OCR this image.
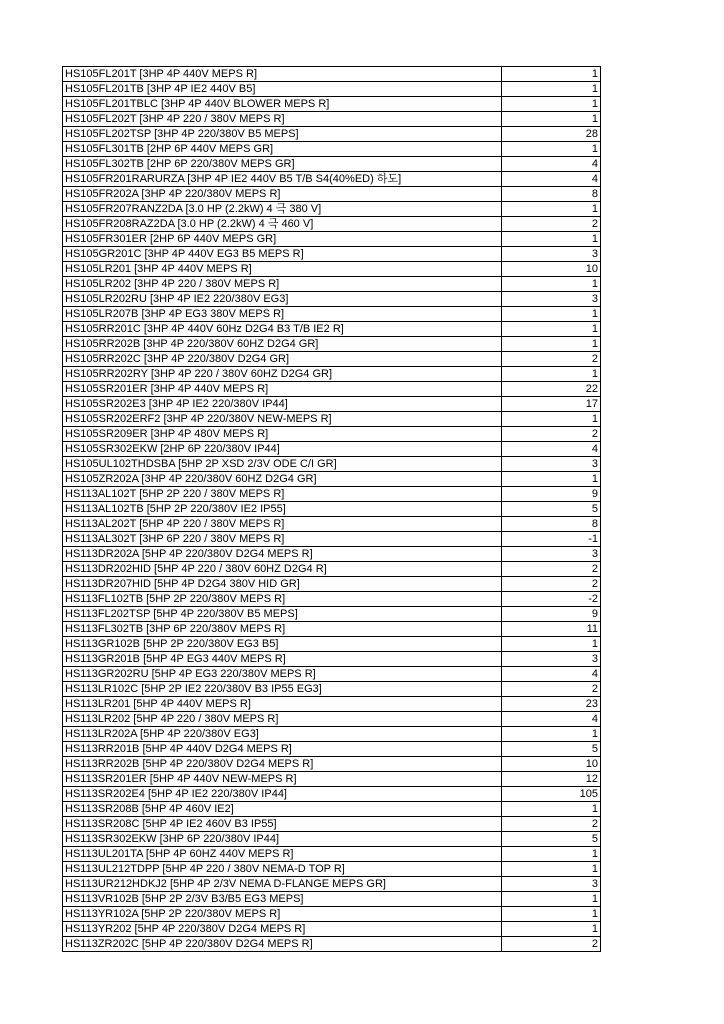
HS105FL201T [3HP 4P 440V MEPS R]	1
HS105FL201TB [3HP 4P IE2 440V B5]	1
HS105FL201TBLC [3HP 4P 440V BLOWER MEPS R]	1
HS105FL202T [3HP 4P 220 / 380V MEPS R]	1
HS105FL202TSP [3HP 4P 220/380V B5 MEPS]	28
HS105FL301TB [2HP 6P 440V MEPS GR]	1
HS105FL302TB [2HP 6P 220/380V MEPS GR]	4
HS105FR201RARURZA [3HP 4P IE2 440V B5 T/B S4(40%ED) 하도]	4
HS105FR202A [3HP 4P 220/380V MEPS R]	8
HS105FR207RANZ2DA [3.0 HP (2.2kW) 4 극 380 V]	1
HS105FR208RAZ2DA [3.0 HP (2.2kW) 4 극 460 V]	2
HS105FR301ER [2HP 6P 440V MEPS GR]	1
HS105GR201C [3HP 4P 440V EG3 B5 MEPS R]	3
HS105LR201 [3HP 4P 440V MEPS R]	10
HS105LR202 [3HP 4P 220 / 380V MEPS R]	1
HS105LR202RU [3HP 4P IE2 220/380V EG3]	3
HS105LR207B [3HP 4P EG3 380V MEPS R]	1
HS105RR201C [3HP 4P 440V 60Hz D2G4 B3 T/B IE2 R]	1
HS105RR202B [3HP 4P 220/380V 60HZ D2G4 GR]	1
HS105RR202C [3HP 4P 220/380V D2G4 GR]	2
HS105RR202RY [3HP 4P 220 / 380V 60HZ D2G4 GR]	1
HS105SR201ER [3HP 4P 440V MEPS R]	22
HS105SR202E3 [3HP 4P IE2 220/380V IP44]	17
HS105SR202ERF2 [3HP 4P 220/380V NEW-MEPS R]	1
HS105SR209ER [3HP 4P 480V MEPS R]	2
HS105SR302EKW [2HP 6P 220/380V IP44]	4
HS105UL102THDSBA [5HP 2P XSD 2/3V ODE C/I GR]	3
HS105ZR202A [3HP 4P 220/380V 60HZ D2G4 GR]	1
HS113AL102T [5HP 2P 220 / 380V MEPS R]	9
HS113AL102TB [5HP 2P 220/380V IE2 IP55]	5
HS113AL202T [5HP 4P 220 / 380V MEPS R]	8
HS113AL302T [3HP 6P 220 / 380V MEPS R]	-1
HS113DR202A [5HP 4P 220/380V D2G4 MEPS R]	3
HS113DR202HID [5HP 4P 220 / 380V 60HZ D2G4 R]	2
HS113DR207HID [5HP 4P D2G4 380V HID GR]	2
HS113FL102TB [5HP 2P 220/380V MEPS R]	-2
HS113FL202TSP [5HP 4P 220/380V B5 MEPS]	9
HS113FL302TB [3HP 6P 220/380V MEPS R]	11
HS113GR102B [5HP 2P 220/380V EG3 B5]	1
HS113GR201B [5HP 4P EG3 440V MEPS R]	3
HS113GR202RU [5HP 4P EG3 220/380V MEPS R]	4
HS113LR102C [5HP 2P IE2 220/380V B3 IP55 EG3]	2
HS113LR201 [5HP 4P 440V MEPS R]	23
HS113LR202 [5HP 4P 220 / 380V MEPS R]	4
HS113LR202A [5HP 4P 220/380V EG3]	1
HS113RR201B [5HP 4P 440V D2G4 MEPS R]	5
HS113RR202B [5HP 4P 220/380V D2G4 MEPS R]	10
HS113SR201ER [5HP 4P 440V NEW-MEPS R]	12
HS113SR202E4 [5HP 4P IE2 220/380V IP44]	105
HS113SR208B [5HP 4P 460V IE2]	1
HS113SR208C [5HP 4P IE2 460V B3 IP55]	2
HS113SR302EKW [3HP 6P 220/380V IP44]	5
HS113UL201TA [5HP 4P 60HZ 440V MEPS R]	1
HS113UL212TDPP [5HP 4P 220 / 380V NEMA-D TOP R]	1
HS113UR212HDKJ2 [5HP 4P 2/3V NEMA D-FLANGE MEPS GR]	3
HS113VR102B [5HP 2P 2/3V B3/B5 EG3 MEPS]	1
HS113YR102A [5HP 2P 220/380V MEPS R]	1
HS113YR202 [5HP 4P 220/380V D2G4 MEPS R]	1
HS113ZR202C [5HP 4P 220/380V D2G4 MEPS R]	2
